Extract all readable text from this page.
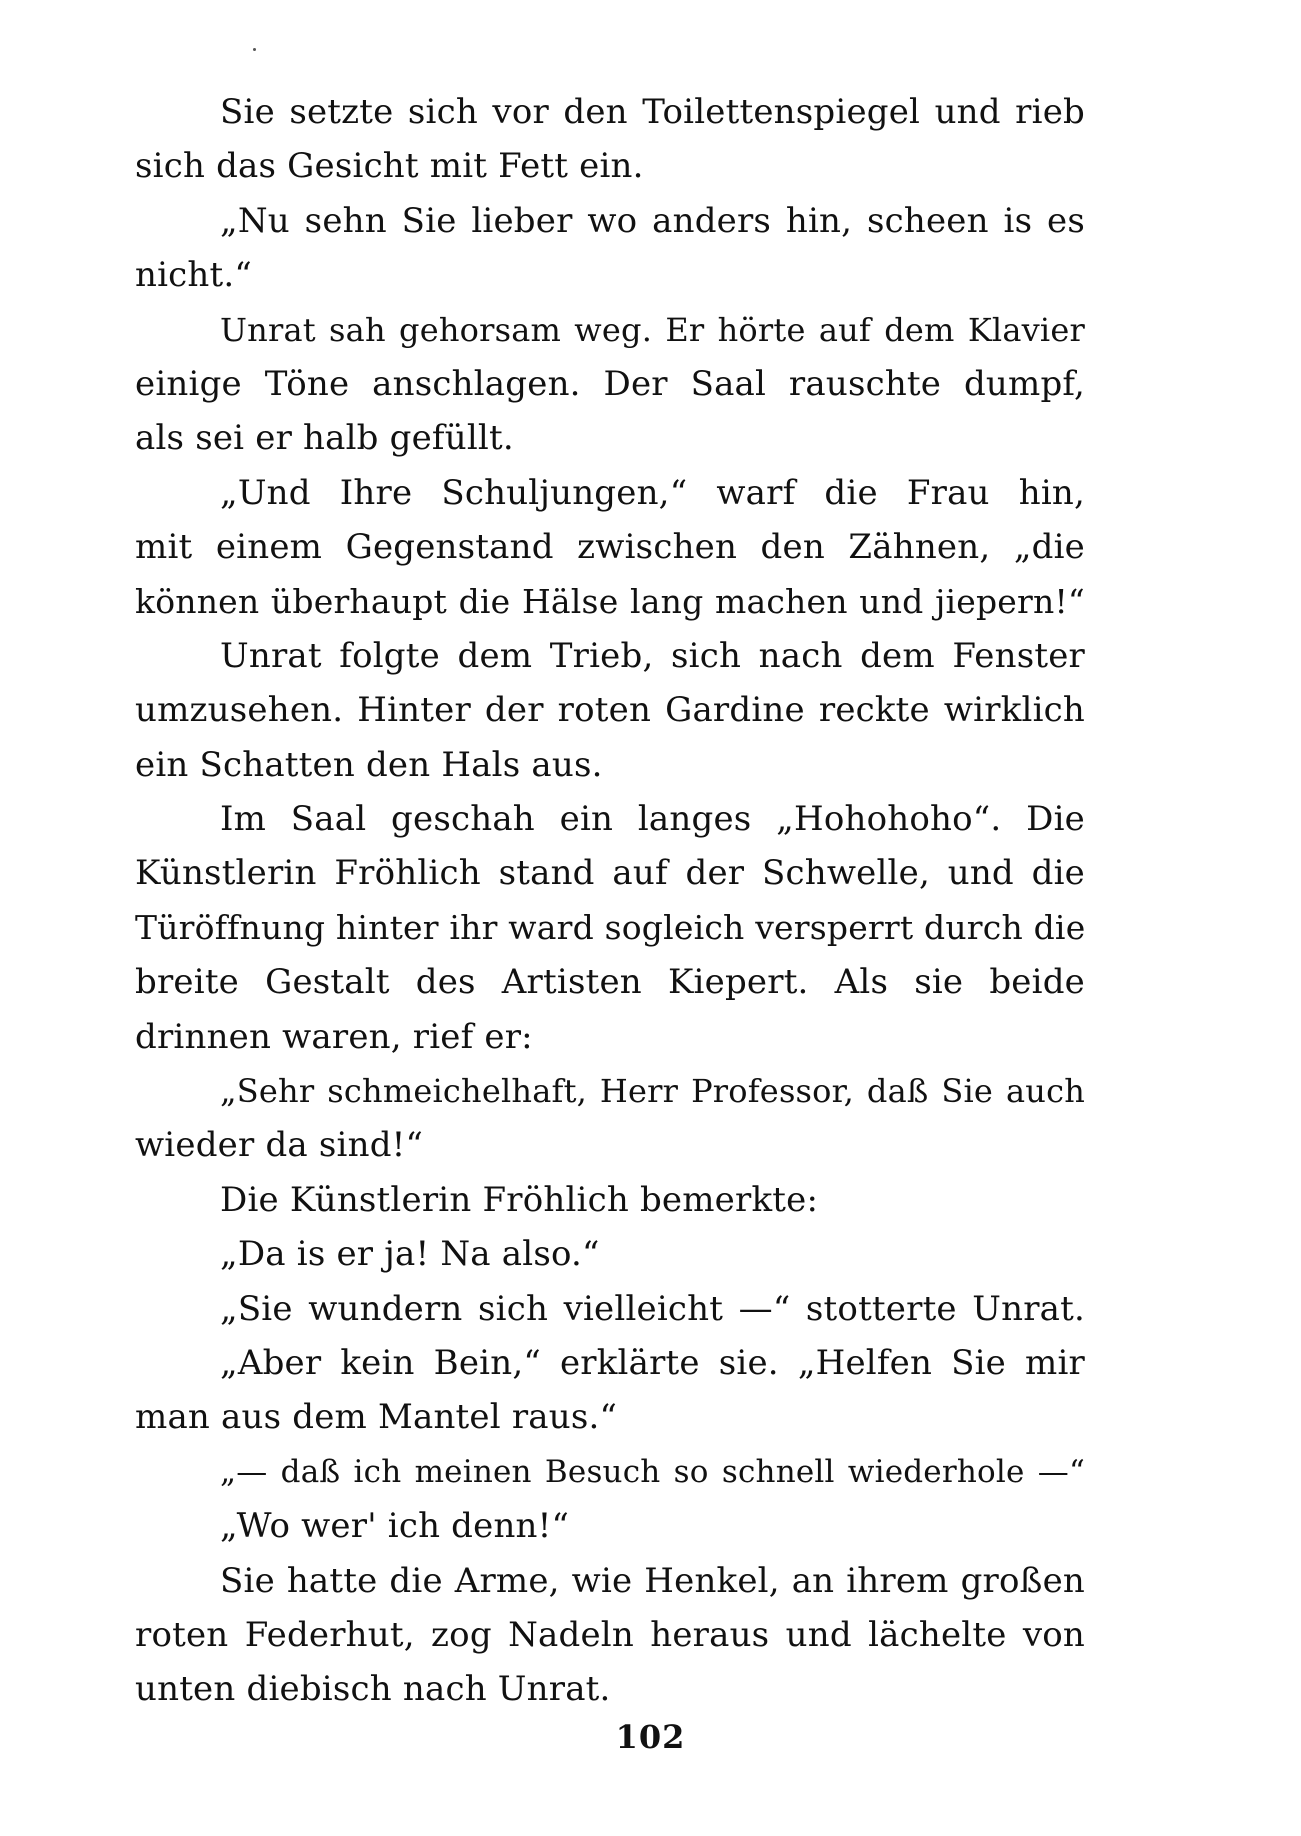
Sie setzte sich vor den Toilettenspiegel und rieb
sich das Gesicht mit Fett ein.
„Nu sehn Sie lieber wo anders hin, scheen is es
nicht.“
Unrat sah gehorsam weg. Er hörte auf dem Klavier
einige Töne anschlagen. Der Saal rauschte dumpf,
als sei er halb gefüllt.
„Und Ihre Schuljungen,“ warf die Frau hin,
mit einem Gegenstand zwischen den Zähnen, „die
können überhaupt die Hälse lang machen und jiepern!“
Unrat folgte dem Trieb, sich nach dem Fenster
umzusehen. Hinter der roten Gardine reckte wirklich
ein Schatten den Hals aus.
Im Saal geschah ein langes „Hohohoho“. Die
Künstlerin Fröhlich stand auf der Schwelle, und die
Türöffnung hinter ihr ward sogleich versperrt durch die
breite Gestalt des Artisten Kiepert. Als sie beide
drinnen waren, rief er:
„Sehr schmeichelhaft, Herr Professor, daß Sie auch
wieder da sind!“
Die Künstlerin Fröhlich bemerkte:
„Da is er ja! Na also.“
„Sie wundern sich vielleicht —“ stotterte Unrat.
„Aber kein Bein,“ erklärte sie. „Helfen Sie mir
man aus dem Mantel raus.“
„— daß ich meinen Besuch so schnell wiederhole —“
„Wo wer' ich denn!“
Sie hatte die Arme, wie Henkel, an ihrem großen
roten Federhut, zog Nadeln heraus und lächelte von
unten diebisch nach Unrat.
102
